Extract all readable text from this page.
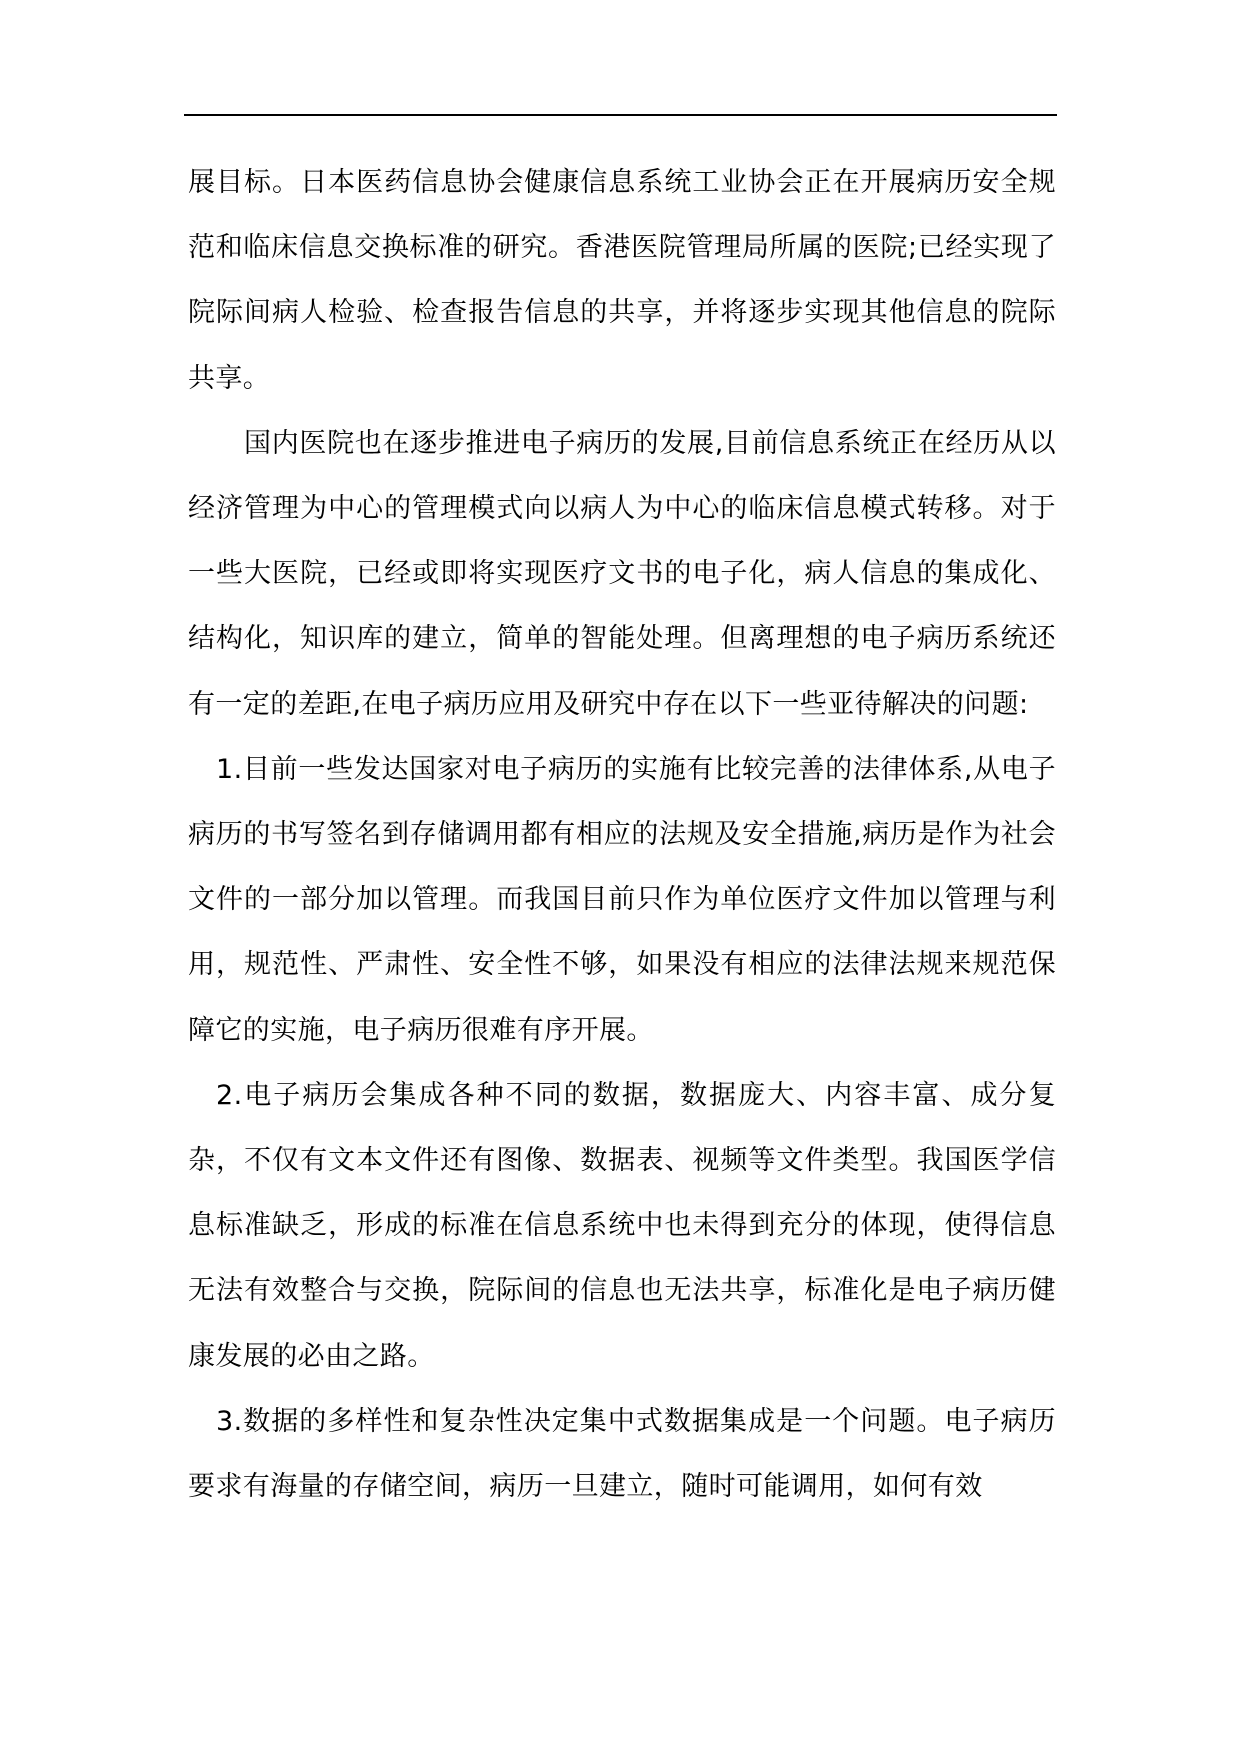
展目标。日本医药信息协会健康信息系统工业协会正在开展病历安全规范和临床信息交换标准的研究。香港医院管理局所属的医院;已经实现了院际间病人检验、检查报告信息的共享，并将逐步实现其他信息的院际共享。

国内医院也在逐步推进电子病历的发展,目前信息系统正在经历从以经济管理为中心的管理模式向以病人为中心的临床信息模式转移。对于一些大医院，已经或即将实现医疗文书的电子化，病人信息的集成化、结构化，知识库的建立，简单的智能处理。但离理想的电子病历系统还有一定的差距,在电子病历应用及研究中存在以下一些亚待解决的问题:

1.目前一些发达国家对电子病历的实施有比较完善的法律体系,从电子病历的书写签名到存储调用都有相应的法规及安全措施,病历是作为社会文件的一部分加以管理。而我国目前只作为单位医疗文件加以管理与利用，规范性、严肃性、安全性不够，如果没有相应的法律法规来规范保障它的实施，电子病历很难有序开展。

2.电子病历会集成各种不同的数据，数据庞大、内容丰富、成分复杂，不仅有文本文件还有图像、数据表、视频等文件类型。我国医学信息标准缺乏，形成的标准在信息系统中也未得到充分的体现，使得信息无法有效整合与交换，院际间的信息也无法共享，标准化是电子病历健康发展的必由之路。

3.数据的多样性和复杂性决定集中式数据集成是一个问题。电子病历要求有海量的存储空间，病历一旦建立，随时可能调用，如何有效
